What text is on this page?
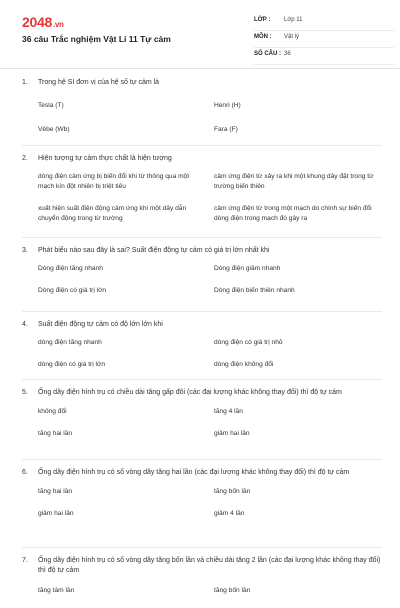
2048.vn
36 câu Trắc nghiệm Vật Lí 11 Tự cảm
LỚP : Lớp 11
MÔN : Vật lý
SỐ CÂU : 36
1.	Trong hệ SI đơn vị của hệ số tự cảm là
Tesla (T)	Henri (H)
Vêbe (Wb)	Fara (F)
2.	Hiện tượng tự cảm thực chất là hiện tượng
dòng điện cảm ứng bị biến đổi khi từ thông qua một mạch kín đột nhiên bị triệt tiêu
cảm ứng điện từ xảy ra khi một khung dây đặt trong từ trường biến thiên
xuất hiện suất điện động cảm ứng khi một dây dẫn chuyển động trong từ trường
cảm ứng điện từ trong một mạch do chính sự biến đổi dòng điện trong mạch đó gây ra
3.	Phát biểu nào sau đây là sai? Suất điện động tự cảm có giá trị lớn nhất khi
Dòng điện tăng nhanh	Dòng điện giảm nhanh
Dòng điện có giá trị lớn	Dòng điện biến thiên nhanh
4.	Suất điện động tự cảm có độ lớn lớn khi
dòng điện tăng nhanh	dòng điện có giá trị nhỏ
dòng điện có giá trị lớn	dòng điện không đổi
5.	Ống dây điện hình trụ có chiều dài tăng gấp đôi (các đại lượng khác không thay đổi) thì độ tự cảm
không đổi	tăng 4 lần
tăng hai lần	giảm hai lần
6.	Ống dây điện hình trụ có số vòng dây tăng hai lần (các đại lượng khác không thay đổi) thì độ tự cảm
tăng hai lần	tăng bốn lần
giảm hai lần	giảm 4 lần
7.	Ống dây điện hình trụ có số vòng dây tăng bốn lần và chiều dài tăng 2 lần (các đại lượng khác không thay đổi) thì độ tự cảm
tăng tám lần	tăng bốn lần
